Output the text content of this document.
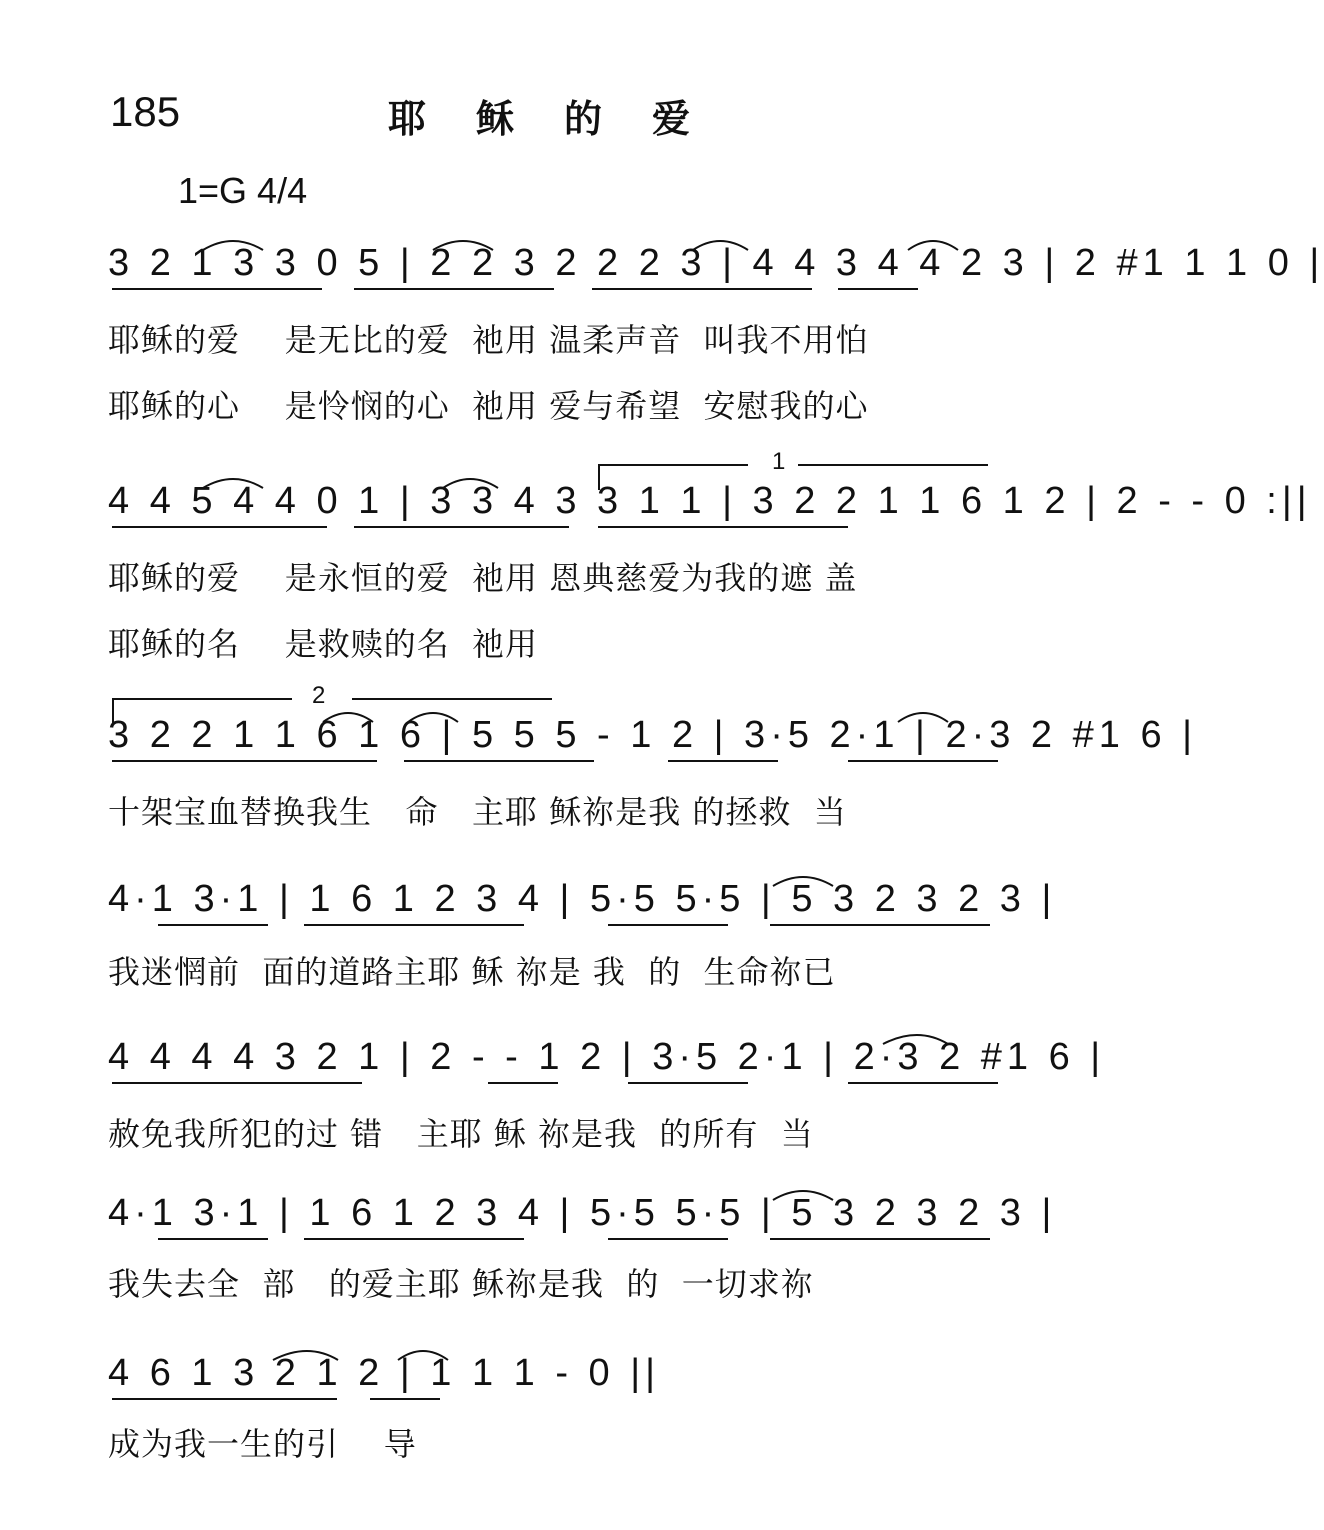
185	耶稣的爱
1=G 4/4
3 2 1 3 3 0 5 | 2 2 3 2 2 2 3 | 4 4 3 4 4 2 3 | 2 #1 1 1 0 |
耶稣的爱    是无比的爱  祂用 温柔声音  叫我不用怕
耶稣的心    是怜悯的心  祂用 爱与希望  安慰我的心
1
4 4 5 4 4 0 1 | 3 3 4 3 3 1 1 | 3 2 2 1 1 6 1 2 | 2 - - 0 :||
耶稣的爱    是永恒的爱  祂用 恩典慈爱为我的遮 盖
耶稣的名    是救赎的名  祂用
2
3 2 2 1 1 6 1 6 | 5 5 5 - 1 2 | 3·5 2·1 | 2·3 2 #1 6 |
十架宝血替换我生   命   主耶 稣祢是我 的拯救  当
4·1 3·1 | 1 6 1 2 3 4 | 5·5 5·5 | 5 3 2 3 2 3 |
我迷惘前  面的道路主耶 稣 祢是 我  的  生命祢已
4 4 4 4 3 2 1 | 2 - - 1 2 | 3·5 2·1 | 2·3 2 #1 6 |
赦免我所犯的过 错   主耶 稣 祢是我  的所有  当
4·1 3·1 | 1 6 1 2 3 4 | 5·5 5·5 | 5 3 2 3 2 3 |
我失去全  部   的爱主耶 稣祢是我  的  一切求祢
4 6 1 3 2 1 2 | 1 1 1 - 0 ||
成为我一生的引    导
